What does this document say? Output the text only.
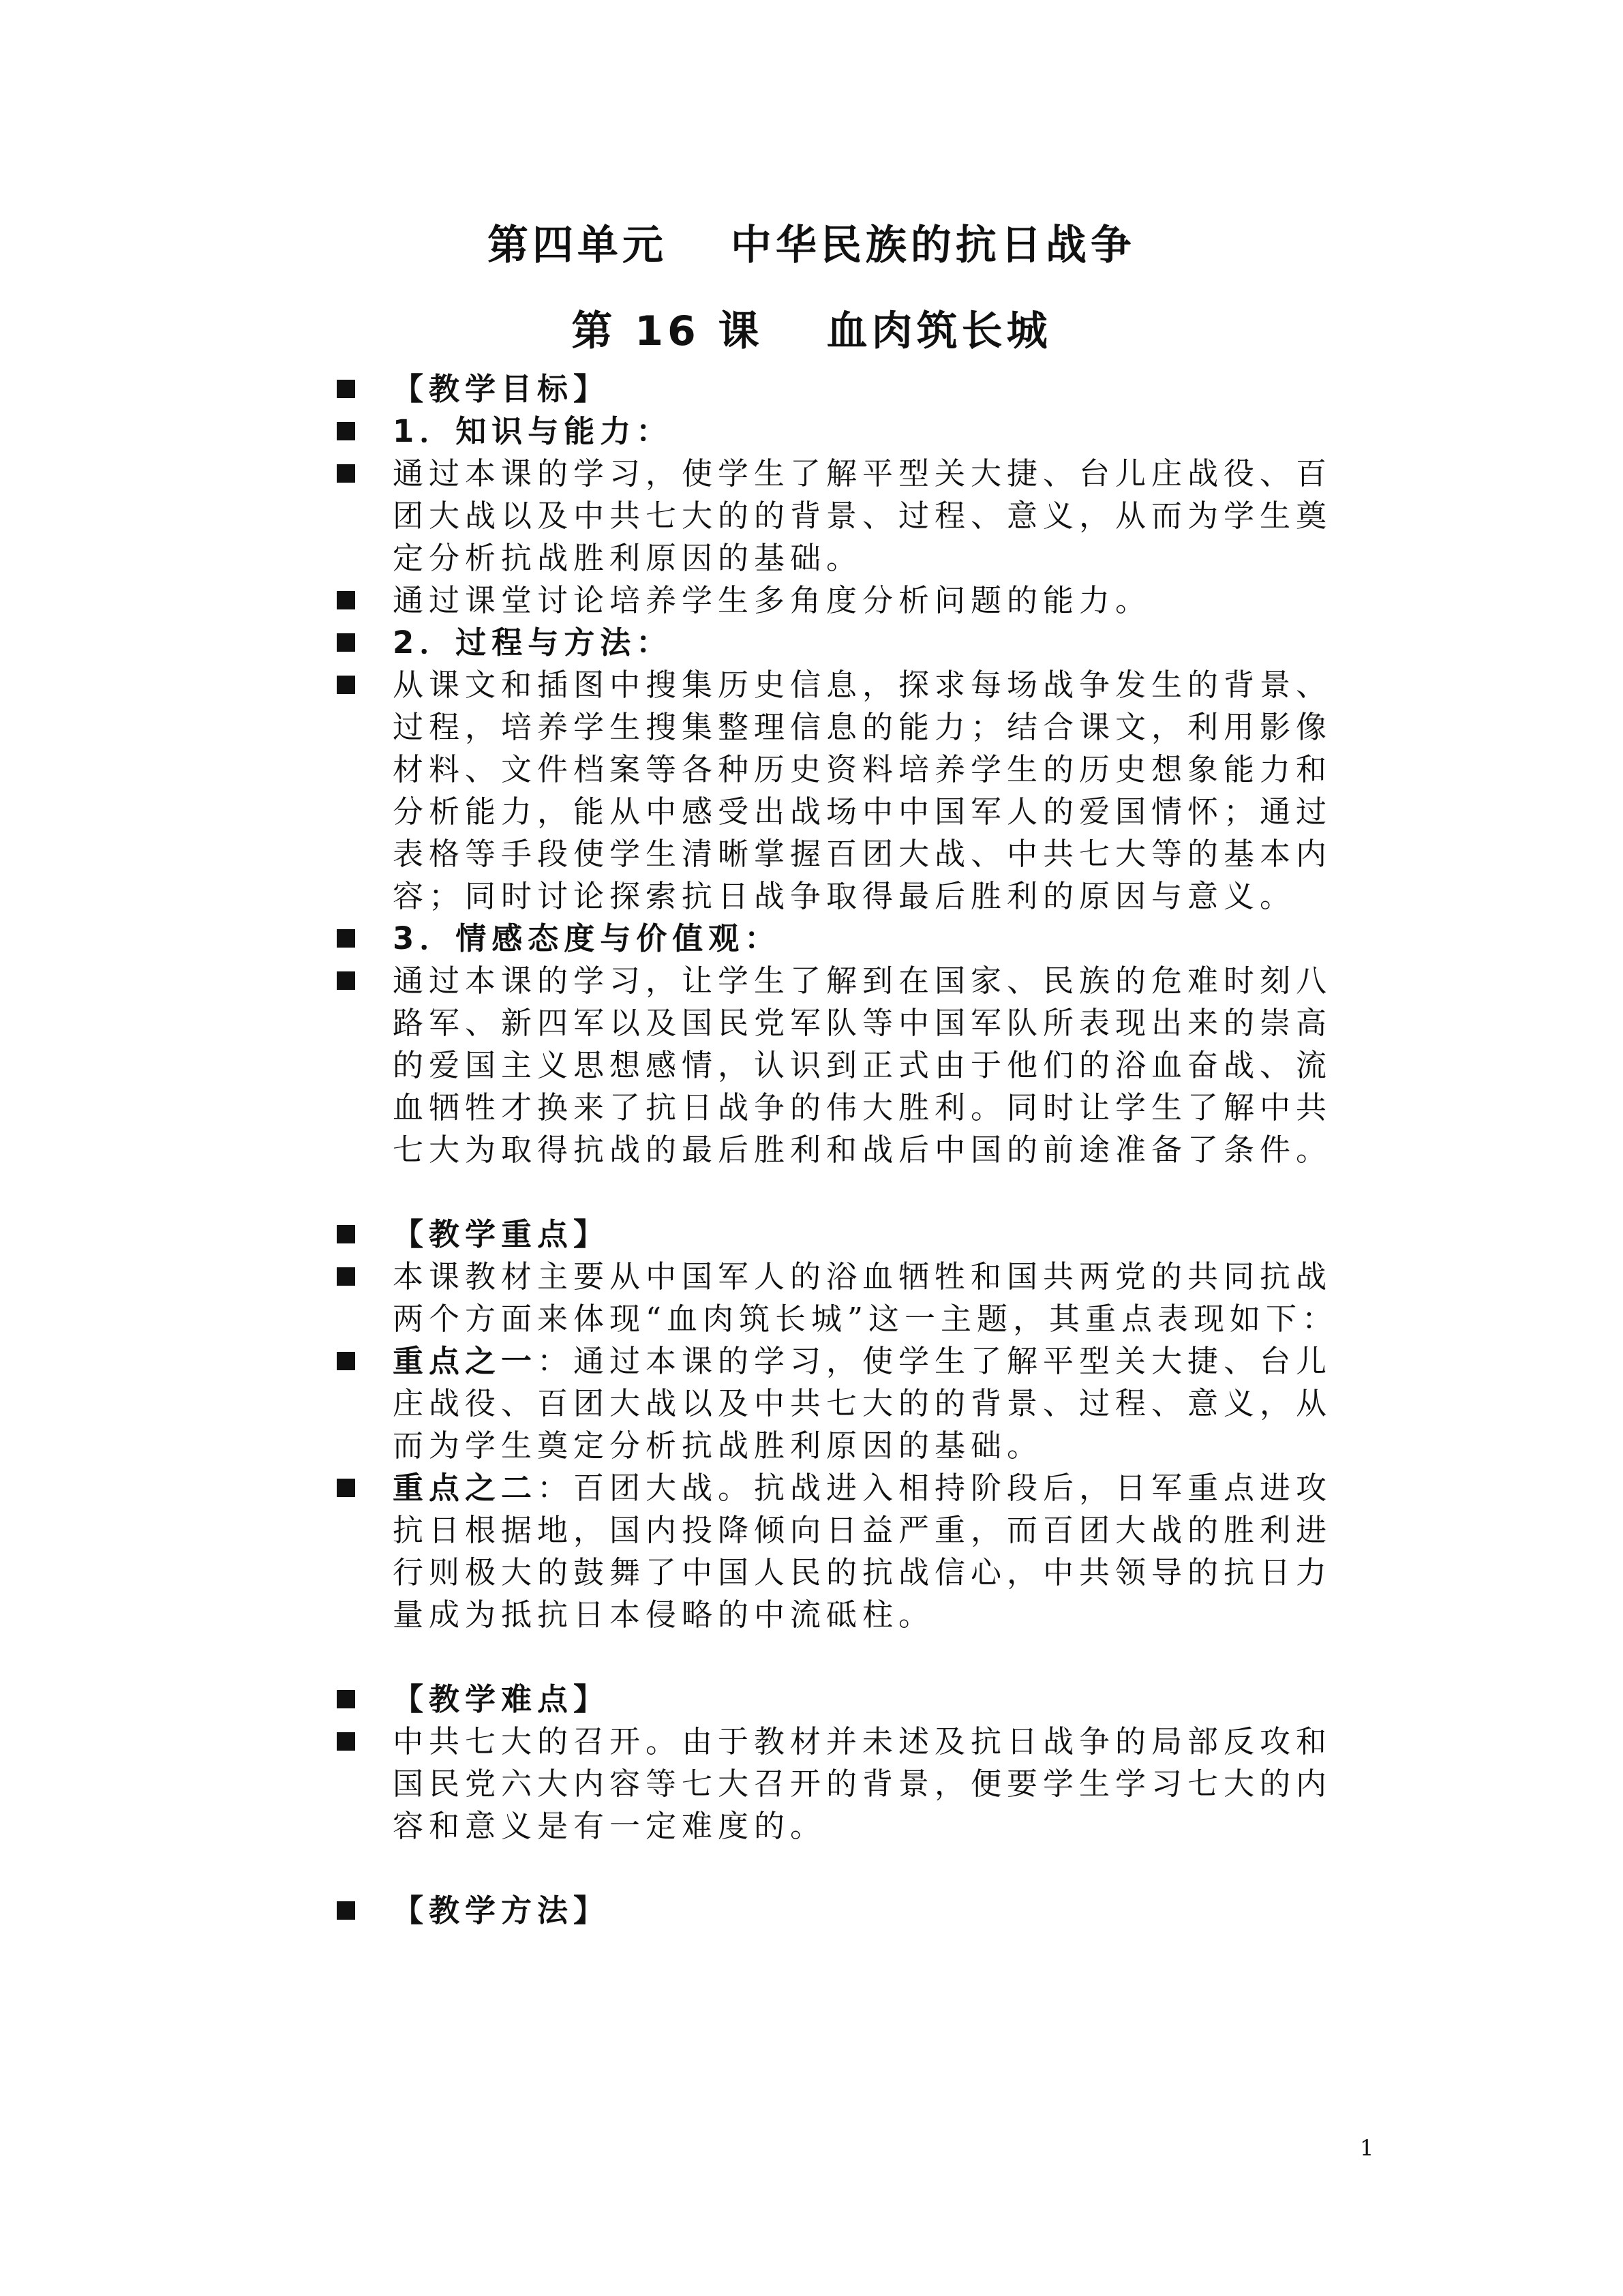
第四单元　 中华民族的抗日战争
第 16 课　 血肉筑长城

【教学目标】

1．知识与能力：

通过本课的学习，使学生了解平型关大捷、台儿庄战役、百团大战以及中共七大的的背景、过程、意义，从而为学生奠定分析抗战胜利原因的基础。

通过课堂讨论培养学生多角度分析问题的能力。

2．过程与方法：

从课文和插图中搜集历史信息，探求每场战争发生的背景、过程，培养学生搜集整理信息的能力；结合课文，利用影像材料、文件档案等各种历史资料培养学生的历史想象能力和分析能力，能从中感受出战场中中国军人的爱国情怀；通过表格等手段使学生清晰掌握百团大战、中共七大等的基本内容；同时讨论探索抗日战争取得最后胜利的原因与意义。

3．情感态度与价值观：

通过本课的学习，让学生了解到在国家、民族的危难时刻八路军、新四军以及国民党军队等中国军队所表现出来的崇高的爱国主义思想感情，认识到正式由于他们的浴血奋战、流血牺牲才换来了抗日战争的伟大胜利。同时让学生了解中共七大为取得抗战的最后胜利和战后中国的前途准备了条件。

【教学重点】

本课教材主要从中国军人的浴血牺牲和国共两党的共同抗战两个方面来体现“血肉筑长城”这一主题，其重点表现如下：

重点之一：通过本课的学习，使学生了解平型关大捷、台儿庄战役、百团大战以及中共七大的的背景、过程、意义，从而为学生奠定分析抗战胜利原因的基础。

重点之二：百团大战。抗战进入相持阶段后，日军重点进攻抗日根据地，国内投降倾向日益严重，而百团大战的胜利进行则极大的鼓舞了中国人民的抗战信心，中共领导的抗日力量成为抵抗日本侵略的中流砥柱。

【教学难点】

中共七大的召开。由于教材并未述及抗日战争的局部反攻和国民党六大内容等七大召开的背景，便要学生学习七大的内容和意义是有一定难度的。

【教学方法】

1
